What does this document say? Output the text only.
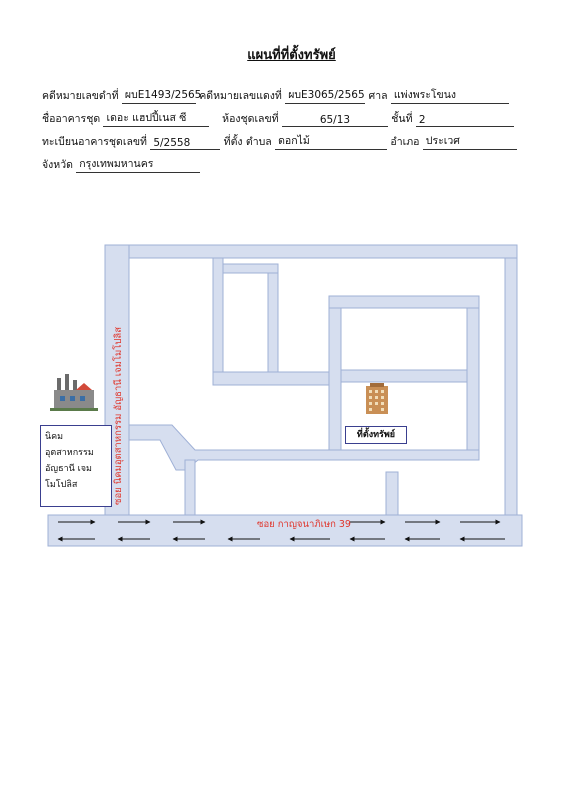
แผนที่ที่ตั้งทรัพย์
คดีหมายเลขดำที่ ผบE1493/2565 คดีหมายเลขแดงที่ ผบE3065/2565 ศาล แพ่งพระโขนง
ชื่ออาคารชุด เดอะ แฮปปี้เนส ซี	ห้องชุดเลขที่	65/13	ชั้นที่ 2
ทะเบียนอาคารชุดเลขที่ 5/2558	ที่ตั้ง ตำบล ดอกไม้	อำเภอ ประเวศ
จังหวัด กรุงเทพมหานคร
ซอย กาญจนาภิเษก 39
ซอย นิคมอุตสาหกรรม อัญธานี เจมโมโปลิส
นิคม
อุตสาหกรรม
อัญธานี เจม
โมโปลิส
ที่ตั้งทรัพย์
